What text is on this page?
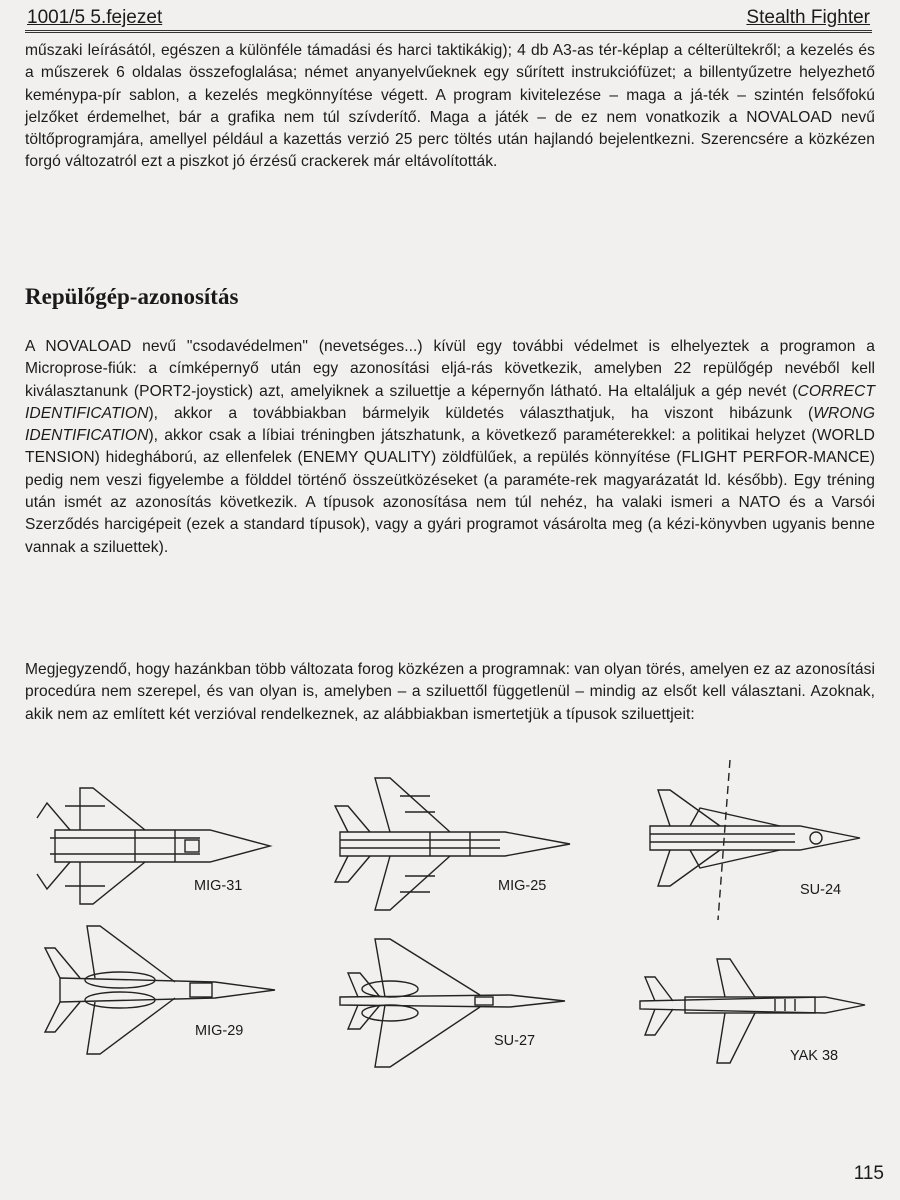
1001/5 5.fejezet	Stealth Fighter
műszaki leírásától, egészen a különféle támadási és harci taktikákig); 4 db A3-as tér-képlap a célterültekről; a kezelés és a műszerek 6 oldalas összefoglalása; német anyanyelvűeknek egy sűrített instrukciófüzet; a billentyűzetre helyezhető keménypa-pír sablon, a kezelés megkönnyítése végett. A program kivitelezése – maga a já-ték – szintén felsőfokú jelzőket érdemelhet, bár a grafika nem túl szívderítő. Maga a játék – de ez nem vonatkozik a NOVALOAD nevű töltőprogramjára, amellyel például a kazettás verzió 25 perc töltés után hajlandó bejelentkezni. Szerencsére a közkézen forgó változatról ezt a piszkot jó érzésű crackerek már eltávolították.
Repülőgép-azonosítás
A NOVALOAD nevű "csodavédelmen" (nevetséges...) kívül egy további védelmet is elhelyeztek a programon a Microprose-fiúk: a címképernyő után egy azonosítási eljá-rás következik, amelyben 22 repülőgép nevéből kell kiválasztanunk (PORT2-joystick) azt, amelyiknek a sziluettje a képernyőn látható. Ha eltaláljuk a gép nevét (CORRECT IDENTIFICATION), akkor a továbbiakban bármelyik küldetés választhatjuk, ha viszont hibázunk (WRONG IDENTIFICATION), akkor csak a líbiai tréningben játszhatunk, a következő paraméterekkel: a politikai helyzet (WORLD TENSION) hidegháború, az ellenfelek (ENEMY QUALITY) zöldfülűek, a repülés könnyítése (FLIGHT PERFOR-MANCE) pedig nem veszi figyelembe a földdel történő összeütközéseket (a paraméte-rek magyarázatát ld. később). Egy tréning után ismét az azonosítás következik. A típusok azonosítása nem túl nehéz, ha valaki ismeri a NATO és a Varsói Szerződés harcigépeit (ezek a standard típusok), vagy a gyári programot vásárolta meg (a kézi-könyvben ugyanis benne vannak a sziluettek).
Megjegyzendő, hogy hazánkban több változata forog közkézen a programnak: van olyan törés, amelyen ez az azonosítási procedúra nem szerepel, és van olyan is, amelyben – a sziluettől függetlenül – mindig az elsőt kell választani. Azoknak, akik nem az említett két verzióval rendelkeznek, az alábbiakban ismertetjük a típusok sziluettjeit:
MIG-31	MIG-25	SU-24
MIG-29
SU-27
YAK 38
115
